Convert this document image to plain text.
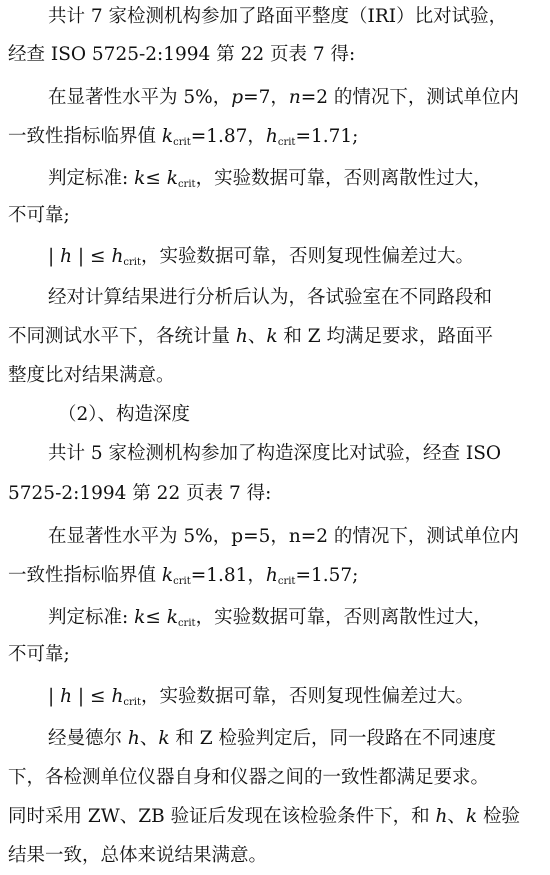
共计 7 家检测机构参加了路面平整度（IRI）比对试验，
经查 ISO 5725-2:1994 第 22 页表 7 得:
在显著性水平为 5%，p=7，n=2 的情况下，测试单位内
一致性指标临界值 $k_{crit}=1.87$，$h_{crit}=1.71$;
判定标准: $k\le k_{crit}$，实验数据可靠，否则离散性过大，
不可靠;
| h | ≤ $h_{crit}$，实验数据可靠，否则复现性偏差过大。
经对计算结果进行分析后认为，各试验室在不同路段和
不同测试水平下，各统计量 h、k 和 Z 均满足要求，路面平
整度比对结果满意。
（2）、构造深度
共计 5 家检测机构参加了构造深度比对试验，经查 ISO
5725-2:1994 第 22 页表 7 得:
在显著性水平为 5%，p=5，n=2 的情况下，测试单位内
一致性指标临界值 $k_{crit}=1.81$，$h_{crit}=1.57$;
判定标准: $k\le k_{crit}$，实验数据可靠，否则离散性过大，
不可靠;
| h | ≤ $h_{crit}$，实验数据可靠，否则复现性偏差过大。
经曼德尔 h、k 和 Z 检验判定后，同一段路在不同速度
下，各检测单位仪器自身和仪器之间的一致性都满足要求。
同时采用 ZW、ZB 验证后发现在该检验条件下，和 h、k 检验
结果一致，总体来说结果满意。
